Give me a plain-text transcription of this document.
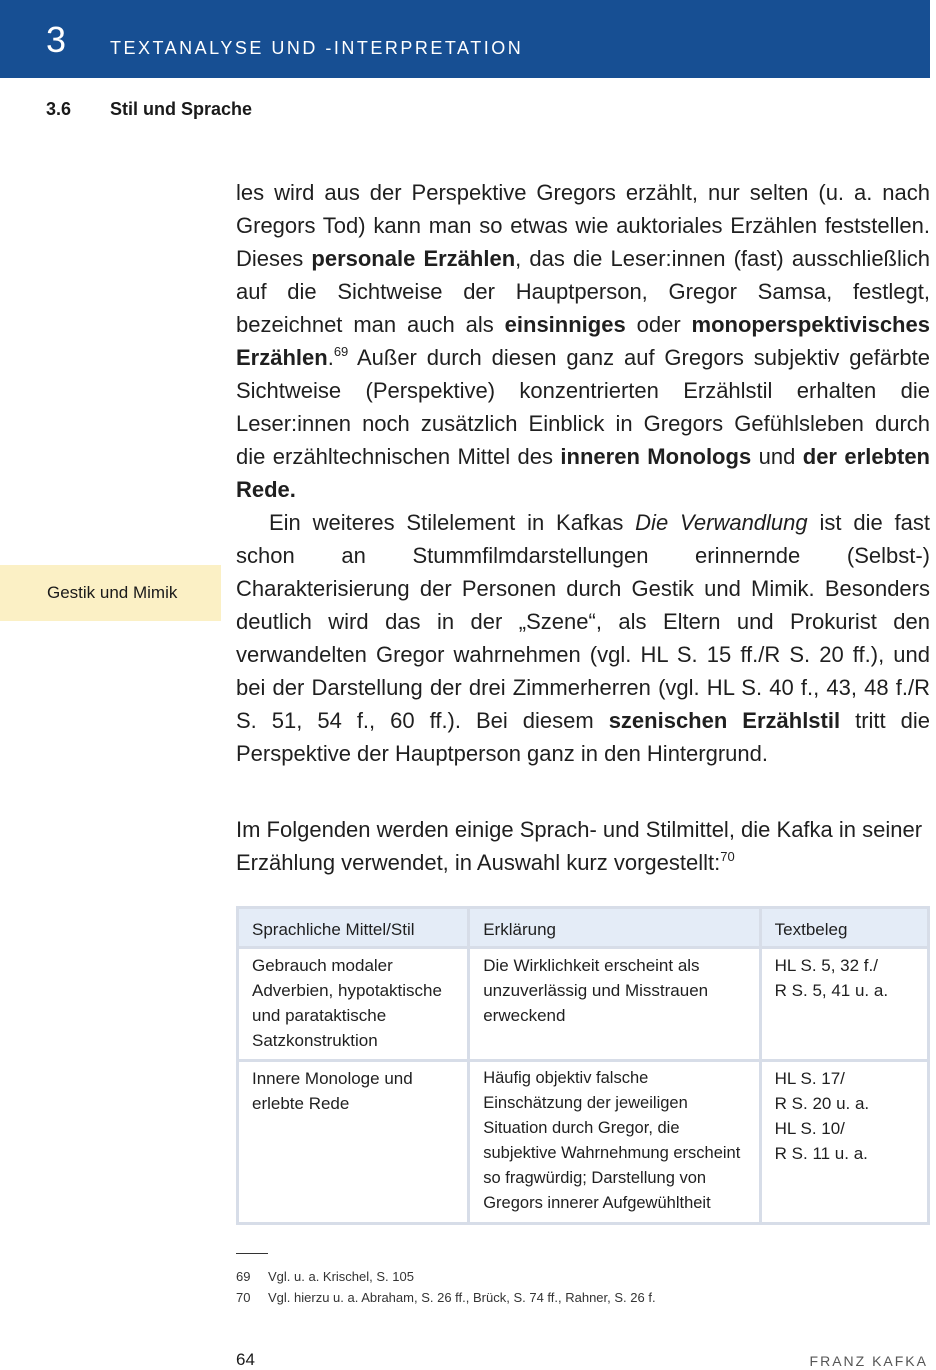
3 TEXTANALYSE UND -INTERPRETATION
3.6 Stil und Sprache
Gestik und Mimik

les wird aus der Perspektive Gregors erzählt, nur selten (u. a. nach Gregors Tod) kann man so etwas wie auktoriales Erzählen feststellen. Dieses personale Erzählen, das die Leser:innen (fast) ausschließlich auf die Sichtweise der Hauptperson, Gregor Samsa, festlegt, bezeichnet man auch als einsinniges oder monoperspektivisches Erzählen.$^{69}$ Außer durch diesen ganz auf Gregors subjektiv gefärbte Sichtweise (Perspektive) konzentrierten Erzählstil erhalten die Leser:innen noch zusätzlich Einblick in Gregors Gefühlsleben durch die erzähltechnischen Mittel des inneren Monologs und der erlebten Rede.

Ein weiteres Stilelement in Kafkas Die Verwandlung ist die fast schon an Stummfilmdarstellungen erinnernde (Selbst-) Charakterisierung der Personen durch Gestik und Mimik. Besonders deutlich wird das in der „Szene“, als Eltern und Prokurist den verwandelten Gregor wahrnehmen (vgl. HL S. 15 ff./R S. 20 ff.), und bei der Darstellung der drei Zimmerherren (vgl. HL S. 40 f., 43, 48 f./R S. 51, 54 f., 60 ff.). Bei diesem szenischen Erzählstil tritt die Perspektive der Hauptperson ganz in den Hintergrund.

Im Folgenden werden einige Sprach- und Stilmittel, die Kafka in seiner Erzählung verwendet, in Auswahl kurz vorgestellt:$^{70}$

Sprachliche Mittel/Stil	Erklärung	Textbeleg
Gebrauch modaler Adverbien, hypotaktische und parataktische Satzkonstruktion	Die Wirklichkeit erscheint als unzuverlässig und Misstrauen erweckend	HL S. 5, 32 f./
R S. 5, 41 u. a.
Innere Monologe und erlebte Rede	Häufig objektiv falsche Einschätzung der jeweiligen Situation durch Gregor, die subjektive Wahrnehmung erscheint so fragwürdig; Darstellung von Gregors innerer Aufgewühltheit	HL S. 17/
R S. 20 u. a.
HL S. 10/
R S. 11 u. a.
69 Vgl. u. a. Krischel, S. 105
70 Vgl. hierzu u. a. Abraham, S. 26 ff., Brück, S. 74 ff., Rahner, S. 26 f.
64	FRANZ KAFKA
